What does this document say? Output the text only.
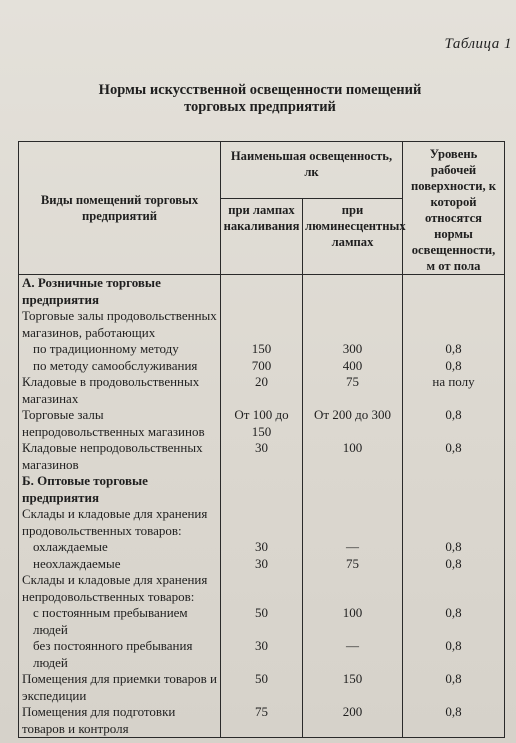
Таблица 1
Нормы искусственной освещенности помещений
торговых предприятий
Виды помещений торговых предприятий	Наименьшая освещенность, лк		Уровень рабочей поверхности, к которой относятся нормы освещенности, м от пола
	при лампах накаливания	при люминесцентных лампах	
А. Розничные торговые предприятия			
Торговые залы продовольственных магазинов, работающих			
по традиционному методу	150	300	0,8
по методу самообслуживания	700	400	0,8
Кладовые в продовольственных магазинах	20	75	на полу
Торговые залы непродовольственных магазинов	От 100 до 150	От 200 до 300	0,8
Кладовые непродовольственных магазинов	30	100	0,8
Б. Оптовые торговые предприятия			
Склады и кладовые для хранения продовольственных товаров:			
охлаждаемые	30	—	0,8
неохлаждаемые	30	75	0,8
Склады и кладовые для хранения непродовольственных товаров:			
с постоянным пребыванием людей	50	100	0,8
без постоянного пребывания людей	30	—	0,8
Помещения для приемки товаров и экспедиции	50	150	0,8
Помещения для подготовки товаров и контроля	75	200	0,8
